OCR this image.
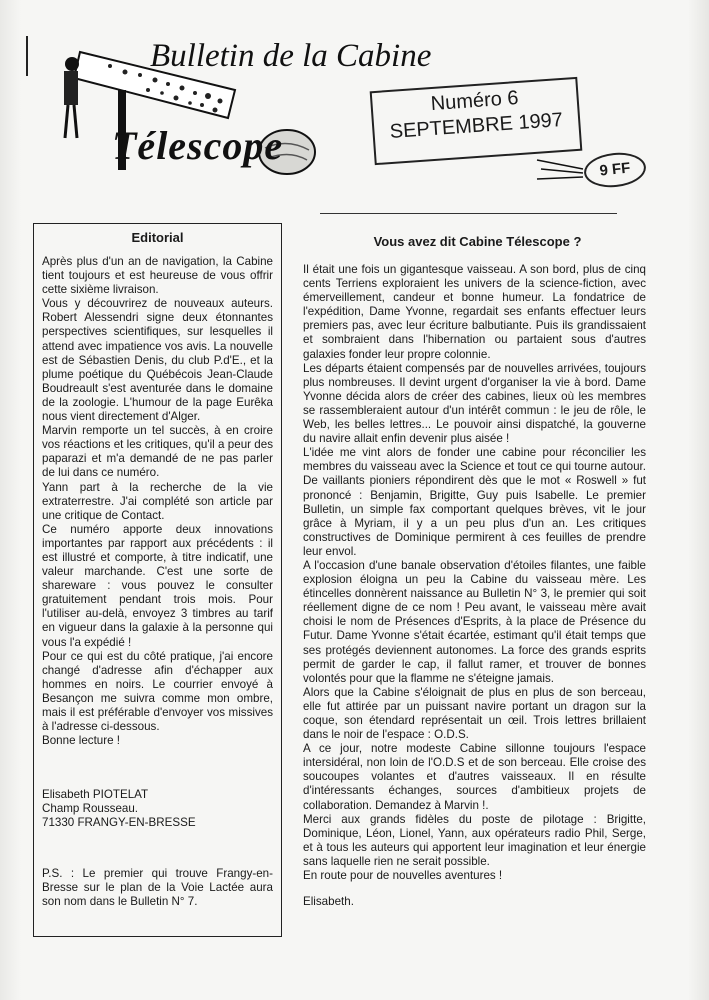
Bulletin de la Cabine
Télescope
Numéro 6
SEPTEMBRE 1997
9 FF
Editorial

Après plus d'un an de navigation, la Cabine tient toujours et est heureuse de vous offrir cette sixième livraison.

Vous y découvrirez de nouveaux auteurs. Robert Alessendri signe deux étonnantes perspectives scientifiques, sur lesquelles il attend avec impatience vos avis. La nouvelle est de Sébastien Denis, du club P.d'E., et la plume poétique du Québécois Jean-Claude Boudreault s'est aventurée dans le domaine de la zoologie. L'humour de la page Eurêka nous vient directement d'Alger.

Marvin remporte un tel succès, à en croire vos réactions et les critiques, qu'il a peur des paparazi et m'a demandé de ne pas parler de lui dans ce numéro.

Yann part à la recherche de la vie extraterrestre. J'ai complété son article par une critique de Contact.

Ce numéro apporte deux innovations importantes par rapport aux précédents : il est illustré et comporte, à titre indicatif, une valeur marchande. C'est une sorte de shareware : vous pouvez le consulter gratuitement pendant trois mois. Pour l'utiliser au-delà, envoyez 3 timbres au tarif en vigueur dans la galaxie à la personne qui vous l'a expédié !

Pour ce qui est du côté pratique, j'ai encore changé d'adresse afin d'échapper aux hommes en noirs. Le courrier envoyé à Besançon me suivra comme mon ombre, mais il est préférable d'envoyer vos missives à l'adresse ci-dessous.

Bonne lecture !

Elisabeth PIOTELAT
Champ Rousseau.
71330 FRANGY-EN-BRESSE
P.S. : Le premier qui trouve Frangy-en-Bresse sur le plan de la Voie Lactée aura son nom dans le Bulletin N° 7.
Vous avez dit Cabine Télescope ?

Il était une fois un gigantesque vaisseau. A son bord, plus de cinq cents Terriens exploraient les univers de la science-fiction, avec émerveillement, candeur et bonne humeur. La fondatrice de l'expédition, Dame Yvonne, regardait ses enfants effectuer leurs premiers pas, avec leur écriture balbutiante. Puis ils grandissaient et sombraient dans l'hibernation ou partaient sous d'autres galaxies fonder leur propre colonnie.

Les départs étaient compensés par de nouvelles arrivées, toujours plus nombreuses. Il devint urgent d'organiser la vie à bord. Dame Yvonne décida alors de créer des cabines, lieux où les membres se rassembleraient autour d'un intérêt commun : le jeu de rôle, le Web, les belles lettres... Le pouvoir ainsi dispatché, la gouverne du navire allait enfin devenir plus aisée !

L'idée me vint alors de fonder une cabine pour réconcilier les membres du vaisseau avec la Science et tout ce qui tourne autour. De vaillants pioniers répondirent dès que le mot « Roswell » fut prononcé : Benjamin, Brigitte, Guy puis Isabelle. Le premier Bulletin, un simple fax comportant quelques brèves, vit le jour grâce à Myriam, il y a un peu plus d'un an. Les critiques constructives de Dominique permirent à ces feuilles de prendre leur envol.

A l'occasion d'une banale observation d'étoiles filantes, une faible explosion éloigna un peu la Cabine du vaisseau mère. Les étincelles donnèrent naissance au Bulletin N° 3, le premier qui soit réellement digne de ce nom ! Peu avant, le vaisseau mère avait choisi le nom de Présences d'Esprits, à la place de Présence du Futur. Dame Yvonne s'était écartée, estimant qu'il était temps que ses protégés deviennent autonomes. La force des grands esprits permit de garder le cap, il fallut ramer, et trouver de bonnes volontés pour que la flamme ne s'éteigne jamais.

Alors que la Cabine s'éloignait de plus en plus de son berceau, elle fut attirée par un puissant navire portant un dragon sur la coque, son étendard représentait un œil. Trois lettres brillaient dans le noir de l'espace : O.D.S.

A ce jour, notre modeste Cabine sillonne toujours l'espace intersidéral, non loin de l'O.D.S et de son berceau. Elle croise des soucoupes volantes et d'autres vaisseaux. Il en résulte d'intéressants échanges, sources d'ambitieux projets de collaboration. Demandez à Marvin !.

Merci aux grands fidèles du poste de pilotage : Brigitte, Dominique, Léon, Lionel, Yann, aux opérateurs radio Phil, Serge, et à tous les auteurs qui apportent leur imagination et leur énergie sans laquelle rien ne serait possible.

En route pour de nouvelles aventures !

Elisabeth.
